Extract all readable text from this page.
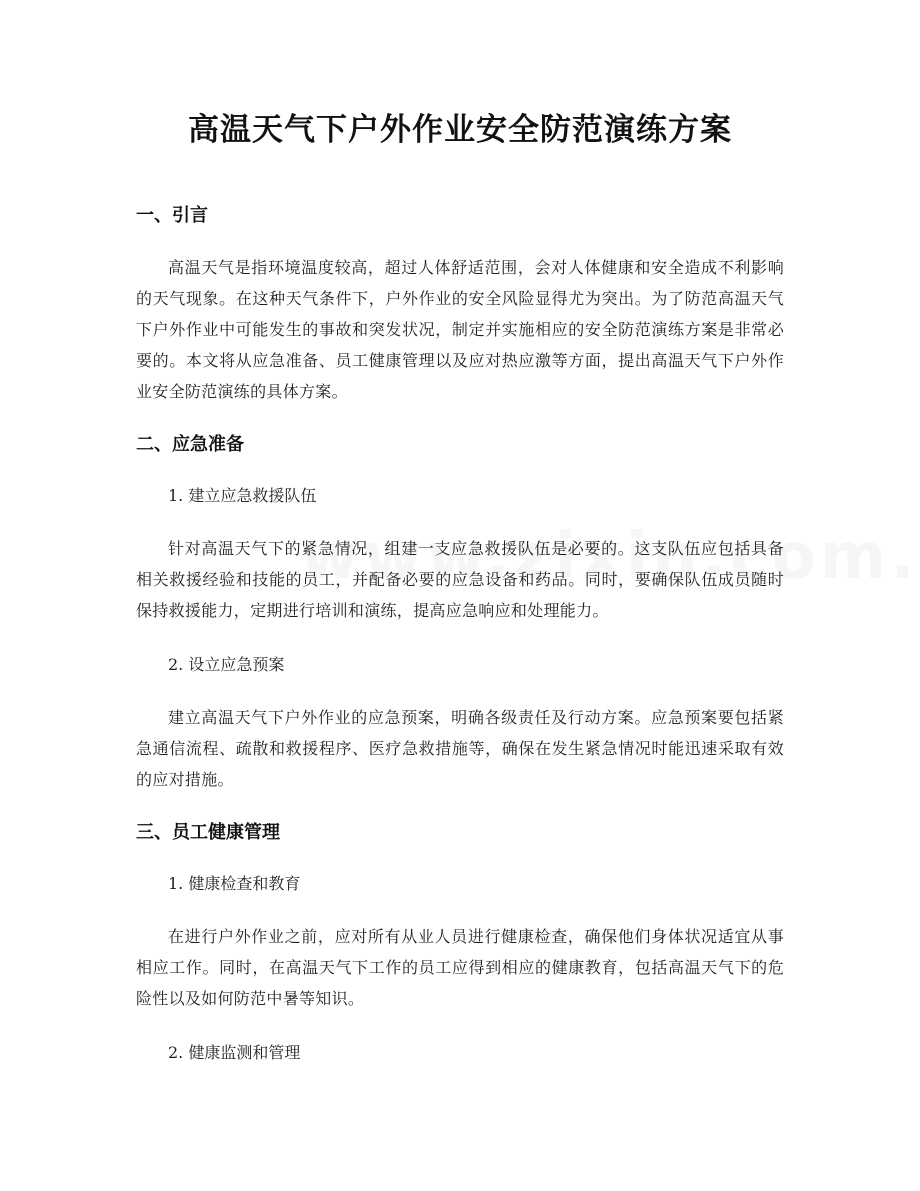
高温天气下户外作业安全防范演练方案
一、引言

高温天气是指环境温度较高，超过人体舒适范围，会对人体健康和安全造成不利影响的天气现象。在这种天气条件下，户外作业的安全风险显得尤为突出。为了防范高温天气下户外作业中可能发生的事故和突发状况，制定并实施相应的安全防范演练方案是非常必要的。本文将从应急准备、员工健康管理以及应对热应激等方面，提出高温天气下户外作业安全防范演练的具体方案。

二、应急准备
1. 建立应急救援队伍

针对高温天气下的紧急情况，组建一支应急救援队伍是必要的。这支队伍应包括具备相关救援经验和技能的员工，并配备必要的应急设备和药品。同时，要确保队伍成员随时保持救援能力，定期进行培训和演练，提高应急响应和处理能力。

2. 设立应急预案

建立高温天气下户外作业的应急预案，明确各级责任及行动方案。应急预案要包括紧急通信流程、疏散和救援程序、医疗急救措施等，确保在发生紧急情况时能迅速采取有效的应对措施。

三、员工健康管理
1. 健康检查和教育

在进行户外作业之前，应对所有从业人员进行健康检查，确保他们身体状况适宜从事相应工作。同时，在高温天气下工作的员工应得到相应的健康教育，包括高温天气下的危险性以及如何防范中暑等知识。

2. 健康监测和管理
